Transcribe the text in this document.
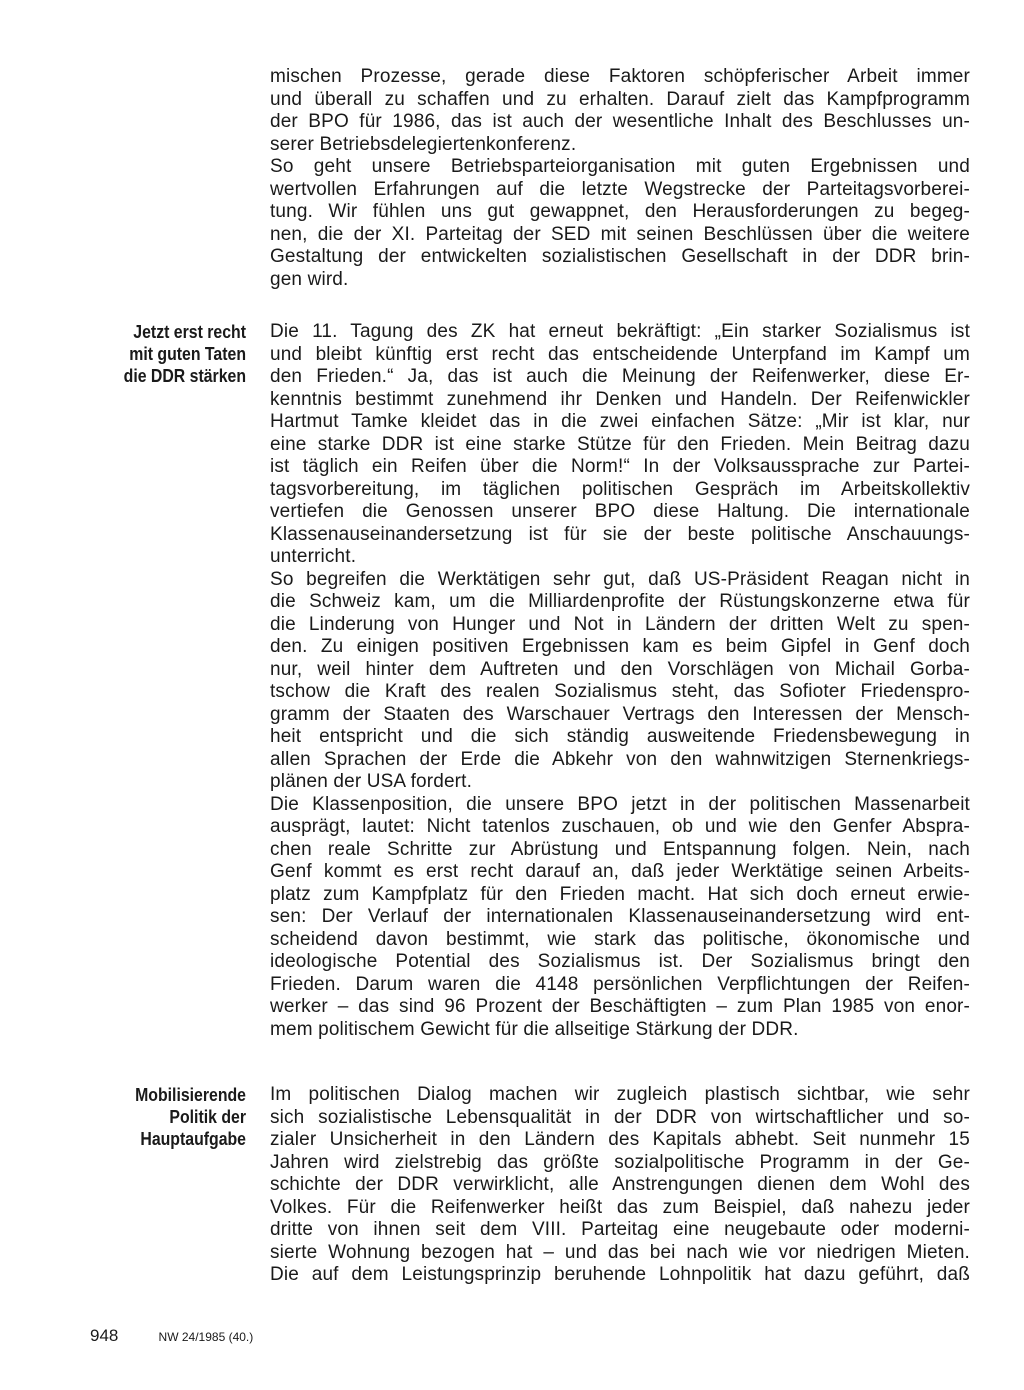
mischen Prozesse, gerade diese Faktoren schöpferischer Arbeit immer
und überall zu schaffen und zu erhalten. Darauf zielt das Kampfprogramm
der BPO für 1986, das ist auch der wesentliche Inhalt des Beschlusses un-
serer Betriebsdelegiertenkonferenz.
So geht unsere Betriebsparteiorganisation mit guten Ergebnissen und
wertvollen Erfahrungen auf die letzte Wegstrecke der Parteitagsvorberei-
tung. Wir fühlen uns gut gewappnet, den Herausforderungen zu begeg-
nen, die der XI. Parteitag der SED mit seinen Beschlüssen über die weitere
Gestaltung der entwickelten sozialistischen Gesellschaft in der DDR brin-
gen wird.
Jetzt erst recht
mit guten Taten
die DDR stärken
Die 11. Tagung des ZK hat erneut bekräftigt: „Ein starker Sozialismus ist
und bleibt künftig erst recht das entscheidende Unterpfand im Kampf um
den Frieden.“ Ja, das ist auch die Meinung der Reifenwerker, diese Er-
kenntnis bestimmt zunehmend ihr Denken und Handeln. Der Reifenwickler
Hartmut Tamke kleidet das in die zwei einfachen Sätze: „Mir ist klar, nur
eine starke DDR ist eine starke Stütze für den Frieden. Mein Beitrag dazu
ist täglich ein Reifen über die Norm!“ In der Volksaussprache zur Partei-
tagsvorbereitung, im täglichen politischen Gespräch im Arbeitskollektiv
vertiefen die Genossen unserer BPO diese Haltung. Die internationale
Klassenauseinandersetzung ist für sie der beste politische Anschauungs-
unterricht.
So begreifen die Werktätigen sehr gut, daß US-Präsident Reagan nicht in
die Schweiz kam, um die Milliardenprofite der Rüstungskonzerne etwa für
die Linderung von Hunger und Not in Ländern der dritten Welt zu spen-
den. Zu einigen positiven Ergebnissen kam es beim Gipfel in Genf doch
nur, weil hinter dem Auftreten und den Vorschlägen von Michail Gorba-
tschow die Kraft des realen Sozialismus steht, das Sofioter Friedenspro-
gramm der Staaten des Warschauer Vertrags den Interessen der Mensch-
heit entspricht und die sich ständig ausweitende Friedensbewegung in
allen Sprachen der Erde die Abkehr von den wahnwitzigen Sternenkriegs-
plänen der USA fordert.
Die Klassenposition, die unsere BPO jetzt in der politischen Massenarbeit
ausprägt, lautet: Nicht tatenlos zuschauen, ob und wie den Genfer Abspra-
chen reale Schritte zur Abrüstung und Entspannung folgen. Nein, nach
Genf kommt es erst recht darauf an, daß jeder Werktätige seinen Arbeits-
platz zum Kampfplatz für den Frieden macht. Hat sich doch erneut erwie-
sen: Der Verlauf der internationalen Klassenauseinandersetzung wird ent-
scheidend davon bestimmt, wie stark das politische, ökonomische und
ideologische Potential des Sozialismus ist. Der Sozialismus bringt den
Frieden. Darum waren die 4148 persönlichen Verpflichtungen der Reifen-
werker – das sind 96 Prozent der Beschäftigten – zum Plan 1985 von enor-
mem politischem Gewicht für die allseitige Stärkung der DDR.
Mobilisierende
Politik der
Hauptaufgabe
Im politischen Dialog machen wir zugleich plastisch sichtbar, wie sehr
sich sozialistische Lebensqualität in der DDR von wirtschaftlicher und so-
zialer Unsicherheit in den Ländern des Kapitals abhebt. Seit nunmehr 15
Jahren wird zielstrebig das größte sozialpolitische Programm in der Ge-
schichte der DDR verwirklicht, alle Anstrengungen dienen dem Wohl des
Volkes. Für die Reifenwerker heißt das zum Beispiel, daß nahezu jeder
dritte von ihnen seit dem VIII. Parteitag eine neugebaute oder moderni-
sierte Wohnung bezogen hat – und das bei nach wie vor niedrigen Mieten.
Die auf dem Leistungsprinzip beruhende Lohnpolitik hat dazu geführt, daß
948	NW 24/1985 (40.)
